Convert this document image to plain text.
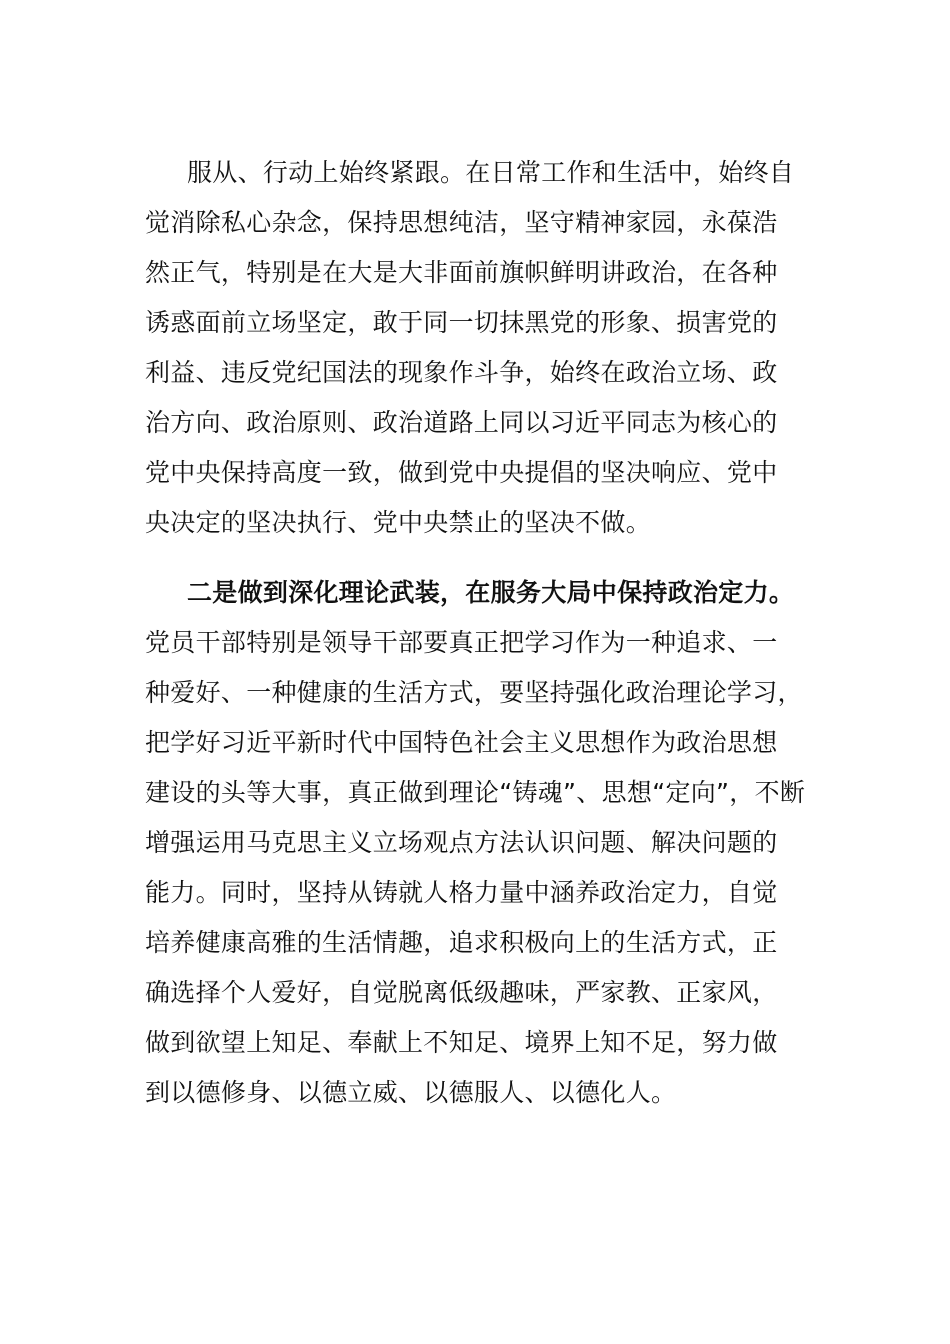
服从、行动上始终紧跟。在日常工作和生活中，始终自
觉消除私心杂念，保持思想纯洁，坚守精神家园，永葆浩
然正气，特别是在大是大非面前旗帜鲜明讲政治，在各种
诱惑面前立场坚定，敢于同一切抹黑党的形象、损害党的
利益、违反党纪国法的现象作斗争，始终在政治立场、政
治方向、政治原则、政治道路上同以习近平同志为核心的
党中央保持高度一致，做到党中央提倡的坚决响应、党中
央决定的坚决执行、党中央禁止的坚决不做。
二是做到深化理论武装，在服务大局中保持政治定力。
党员干部特别是领导干部要真正把学习作为一种追求、一
种爱好、一种健康的生活方式，要坚持强化政治理论学习，
把学好习近平新时代中国特色社会主义思想作为政治思想
建设的头等大事，真正做到理论“铸魂”、思想“定向”，不断
增强运用马克思主义立场观点方法认识问题、解决问题的
能力。同时，坚持从铸就人格力量中涵养政治定力，自觉
培养健康高雅的生活情趣，追求积极向上的生活方式，正
确选择个人爱好，自觉脱离低级趣味，严家教、正家风，
做到欲望上知足、奉献上不知足、境界上知不足，努力做
到以德修身、以德立威、以德服人、以德化人。
